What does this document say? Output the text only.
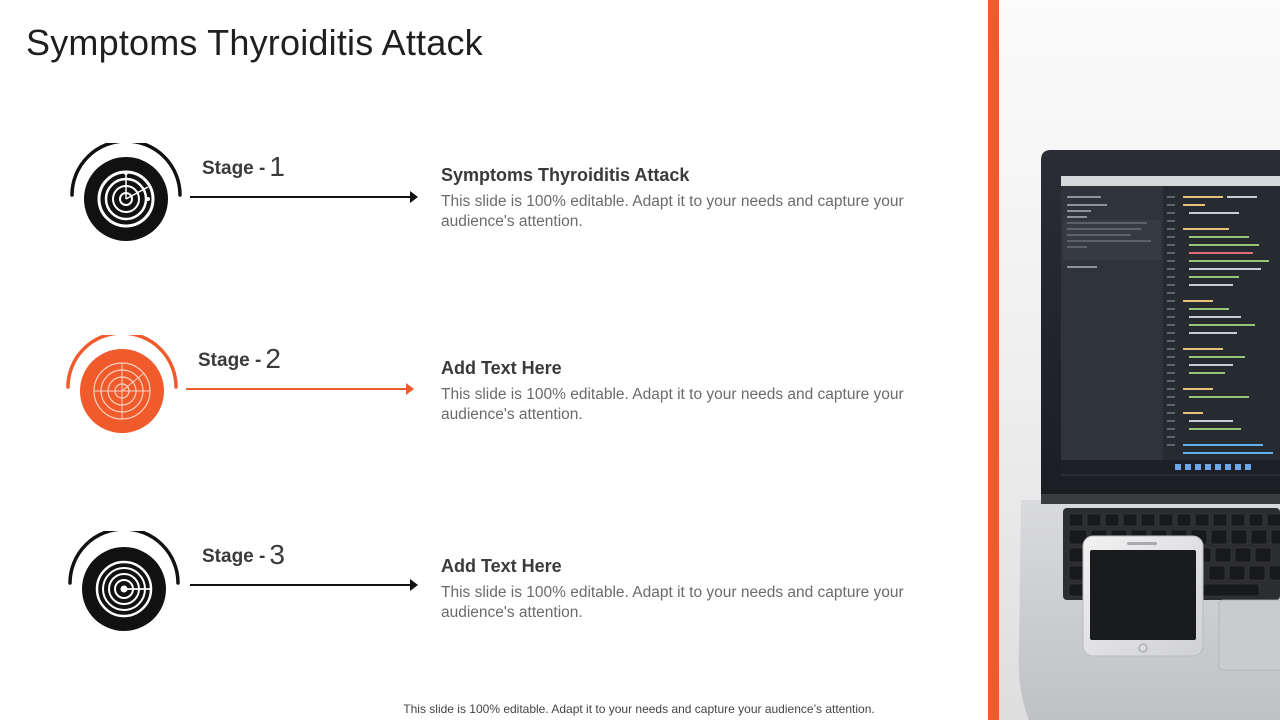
Symptoms Thyroiditis Attack
Stage - 1	Symptoms Thyroiditis Attack
This slide is 100% editable. Adapt it to your needs and capture your audience's attention.
Stage - 2	Add Text Here
This slide is 100% editable. Adapt it to your needs and capture your audience's attention.
Stage - 3	Add Text Here
This slide is 100% editable. Adapt it to your needs and capture your audience's attention.
This slide is 100% editable. Adapt it to your needs and capture your audience’s attention.
